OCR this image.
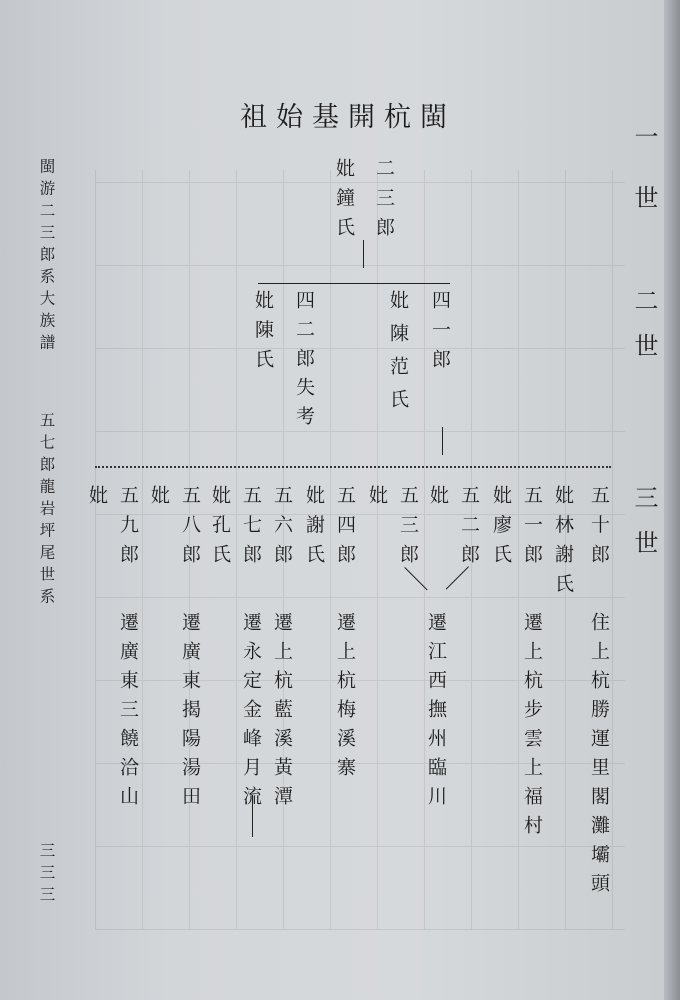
祖始基開杭閩
閩游二三郎系大族譜
五七郎龍岩坪尾世系
三三三
一世
二世
三世
二三郎
妣鐘氏
四一郎
妣陳范氏
四二郎失考
妣陳氏
五十郎
妣林謝氏
住上杭勝運里閣灘壩頭
五一郎
妣廖氏
遷上杭步雲上福村
五二郎
妣
五三郎
妣
遷江西撫州臨川
五四郎
妣謝氏
遷上杭梅溪寨
五六郎
遷上杭藍溪黃潭
五七郎
妣孔氏
遷永定金峰月流
五八郎
妣
遷廣東揭陽湯田
五九郎
妣
遷廣東三饒洽山
